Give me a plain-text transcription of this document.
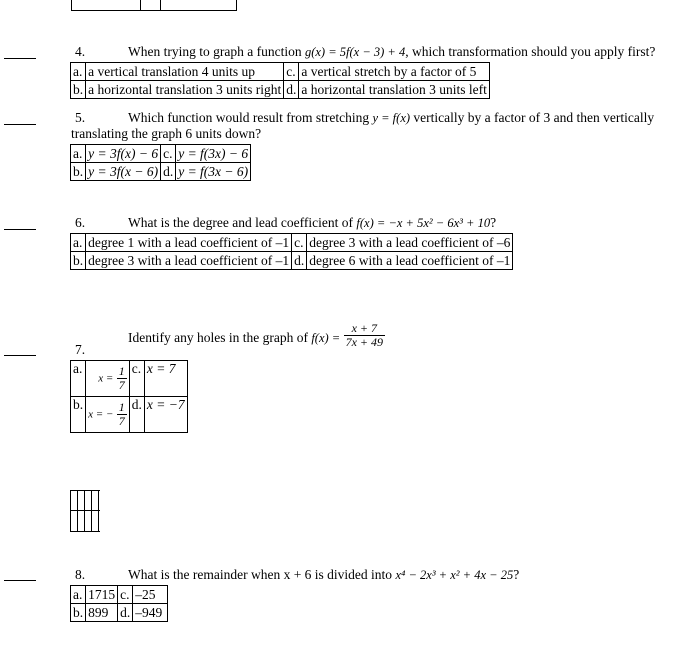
4.	When trying to graph a function g(x) = 5f(x − 3) + 4, which transformation should you apply first?
a.	a vertical translation 4 units up	c.	a vertical stretch by a factor of 5
b.	a horizontal translation 3 units right	d.	a horizontal translation 3 units left
5.	Which function would result from stretching y = f(x) vertically by a factor of 3 and then vertically
translating the graph 6 units down?
a.	y = 3f(x) − 6	c.	y = f(3x) − 6
b.	y = 3f(x − 6)	d.	y = f(3x − 6)
6.	What is the degree and lead coefficient of f(x) = −x + 5x² − 6x³ + 10?
a.	degree 1 with a lead coefficient of –1	c.	degree 3 with a lead coefficient of –6
b.	degree 3 with a lead coefficient of –1	d.	degree 6 with a lead coefficient of –1
7.
Identify any holes in the graph of $f(x) = \frac{x + 7}{7x + 49}$
a.	$x = \frac{1}{7}$	c.	x = 7
b.	x = − $\frac{1}{7}$	d.	x = −7
8.	What is the remainder when x + 6 is divided into x⁴ − 2x³ + x² + 4x − 25?
a.	1715	c.	–25
b.	899	d.	–949
